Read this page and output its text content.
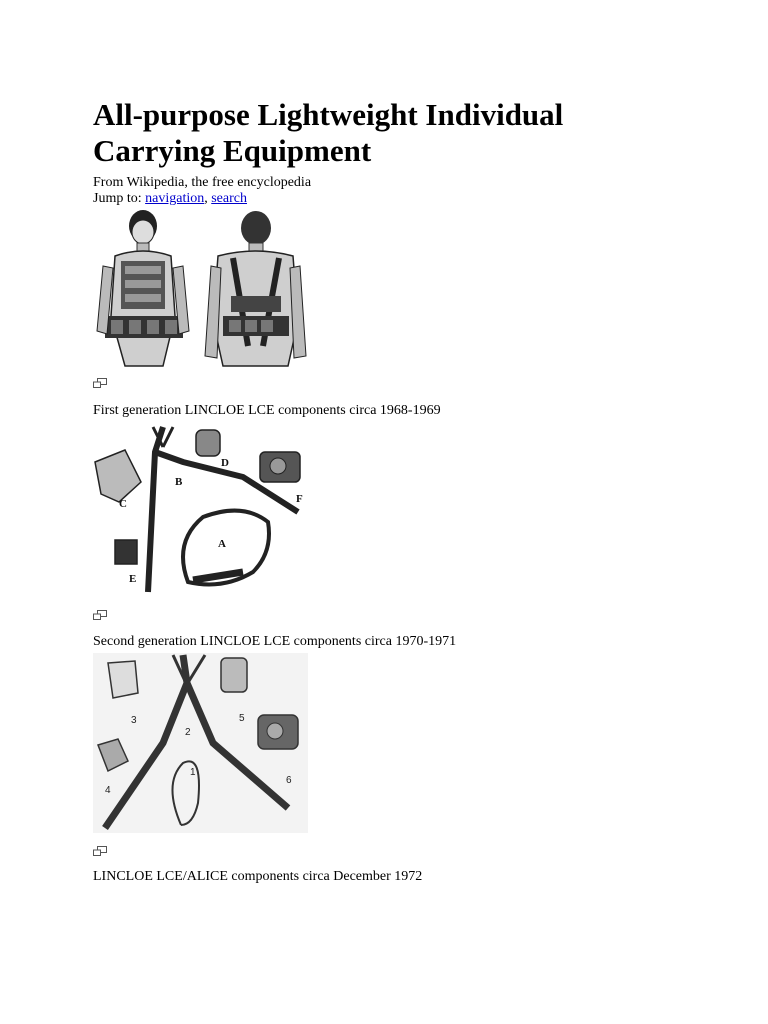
All-purpose Lightweight Individual Carrying Equipment
From Wikipedia, the free encyclopedia
Jump to: navigation, search
First generation LINCLOE LCE components circa 1968-1969
A
B
C
D
E
F
Second generation LINCLOE LCE components circa 1970-1971
1
2
3
4
5
6
LINCLOE LCE/ALICE components circa December 1972
